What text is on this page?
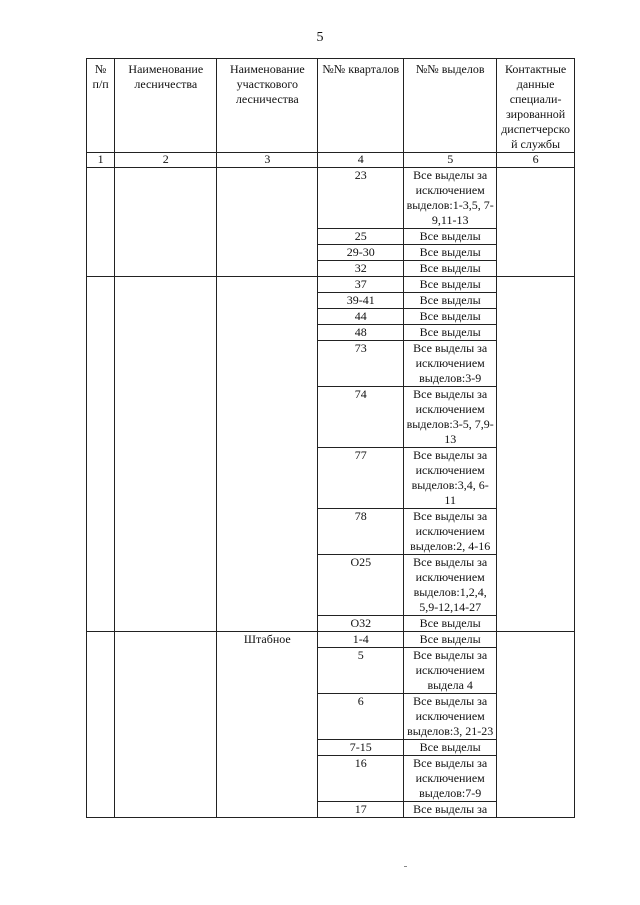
5
№ п/п	Наименование лесничества	Наименование участкового лесничества	№№ кварталов	№№ выделов	Контактные данные специали-зированной диспетчерской службы
1	2	3	4	5	6
			23	Все выделы за исключением выделов:1-3,5, 7-9,11-13	
			25	Все выделы	
			29-30	Все выделы	
			32	Все выделы	
			37	Все выделы	
			39-41	Все выделы	
			44	Все выделы	
			48	Все выделы	
			73	Все выделы за исключением выделов:3-9	
			74	Все выделы за исключением выделов:3-5, 7,9-13	
			77	Все выделы за исключением выделов:3,4, 6-11	
			78	Все выделы за исключением выделов:2, 4-16	
			О25	Все выделы за исключением выделов:1,2,4, 5,9-12,14-27	
			О32	Все выделы	
		Штабное	1-4	Все выделы	
			5	Все выделы за исключением выдела 4	
			6	Все выделы за исключением выделов:3, 21-23	
			7-15	Все выделы	
			16	Все выделы за исключением выделов:7-9	
			17	Все выделы за	
